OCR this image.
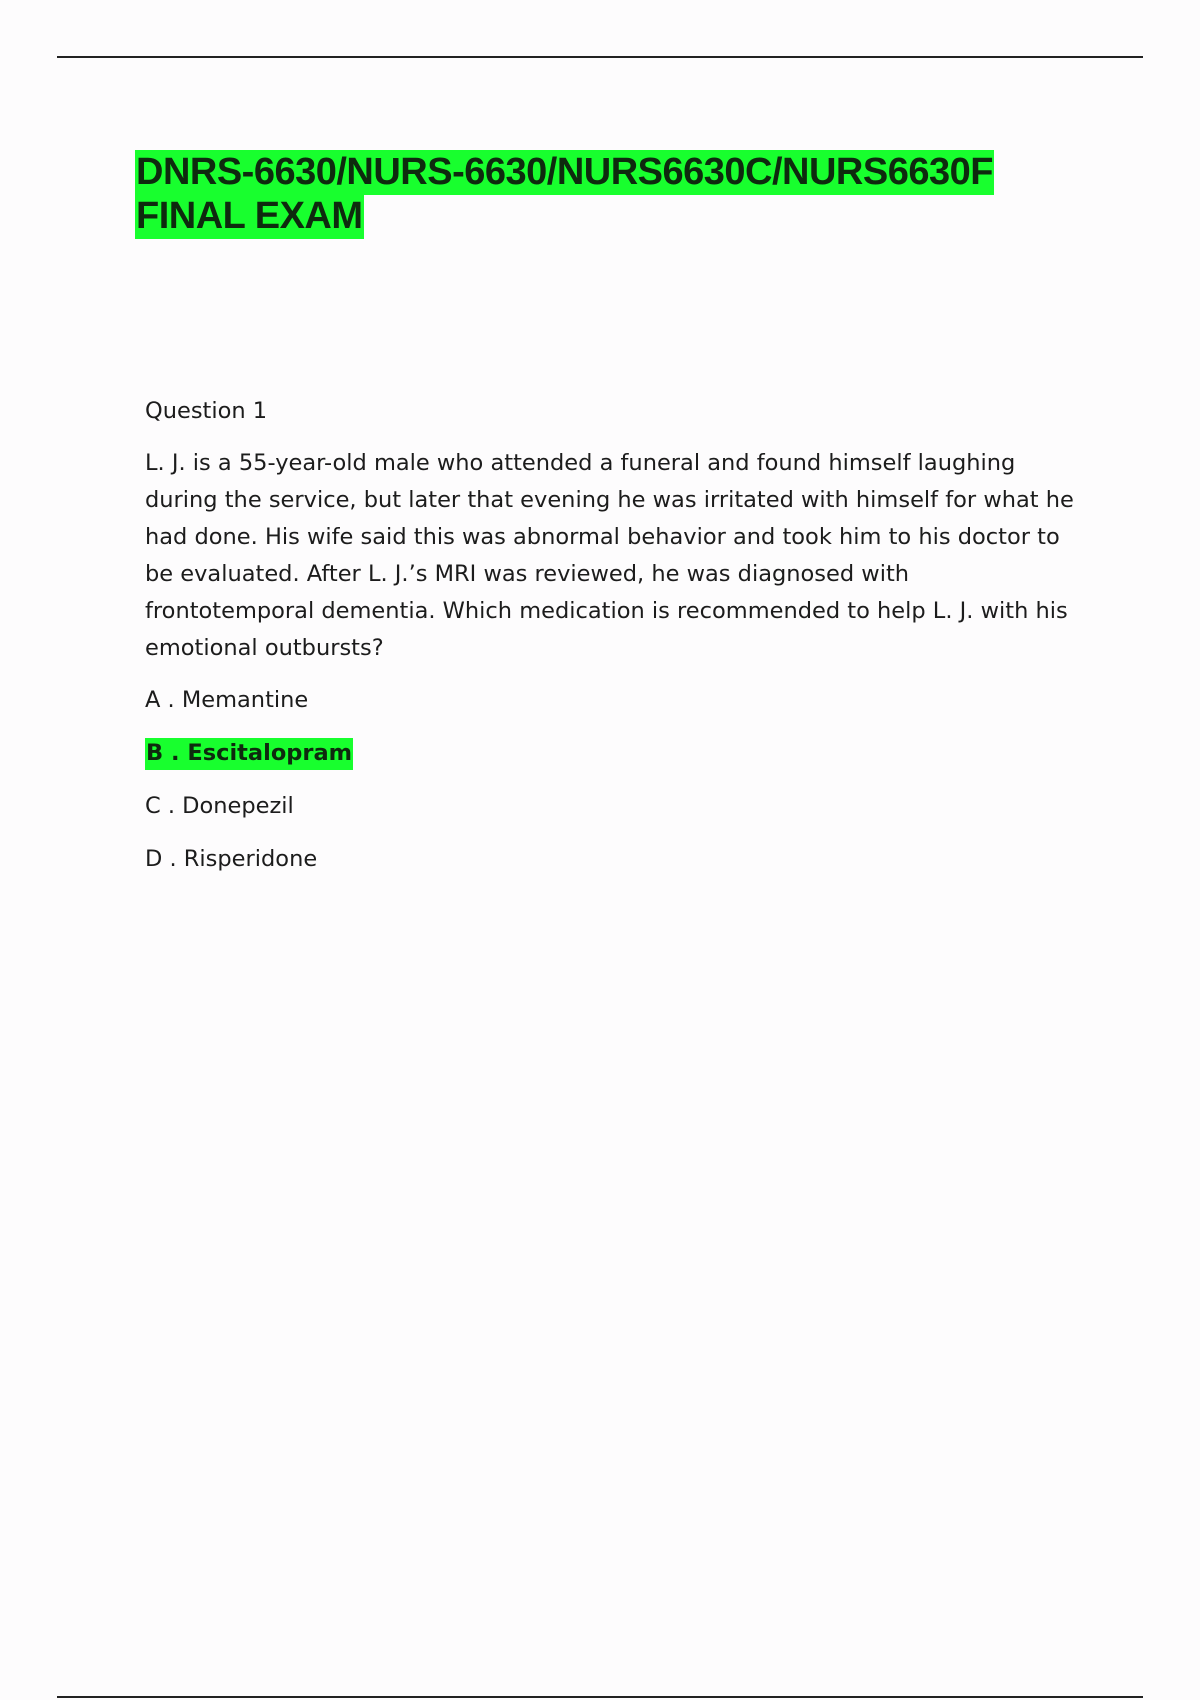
DNRS-6630/NURS-6630/NURS6630C/NURS6630F FINAL EXAM

Question 1

L. J. is a 55-year-old male who attended a funeral and found himself laughing during the service, but later that evening he was irritated with himself for what he had done. His wife said this was abnormal behavior and took him to his doctor to be evaluated. After L. J.’s MRI was reviewed, he was diagnosed with frontotemporal dementia. Which medication is recommended to help L. J. with his emotional outbursts?

A . Memantine
B . Escitalopram
C . Donepezil
D . Risperidone
